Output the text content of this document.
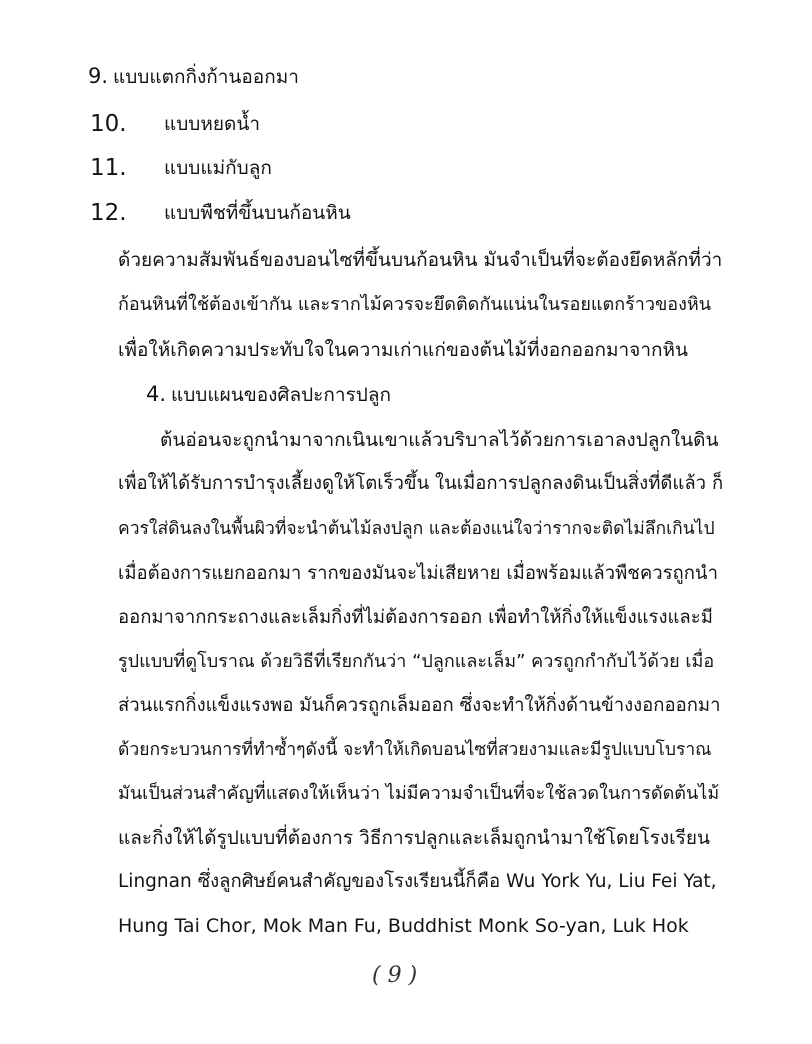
9. แบบแตกกิ่งก้านออกมา
10. แบบหยดน้ำ
11. แบบแม่กับลูก
12. แบบพืชที่ขึ้นบนก้อนหิน
ด้วยความสัมพันธ์ของบอนไซที่ขึ้นบนก้อนหิน มันจำเป็นที่จะต้องยึดหลักที่ว่า
ก้อนหินที่ใช้ต้องเข้ากัน และรากไม้ควรจะยึดติดกันแน่นในรอยแตกร้าวของหิน
เพื่อให้เกิดความประทับใจในความเก่าแก่ของต้นไม้ที่งอกออกมาจากหิน
4. แบบแผนของศิลปะการปลูก
ต้นอ่อนจะถูกนำมาจากเนินเขาแล้วบริบาลไว้ด้วยการเอาลงปลูกในดิน
เพื่อให้ได้รับการบำรุงเลี้ยงดูให้โตเร็วขึ้น ในเมื่อการปลูกลงดินเป็นสิ่งที่ดีแล้ว ก็
ควรใส่ดินลงในพื้นผิวที่จะนำต้นไม้ลงปลูก และต้องแน่ใจว่ารากจะติดไม่ลึกเกินไป
เมื่อต้องการแยกออกมา รากของมันจะไม่เสียหาย เมื่อพร้อมแล้วพืชควรถูกนำ
ออกมาจากกระถางและเล็มกิ่งที่ไม่ต้องการออก เพื่อทำให้กิ่งให้แข็งแรงและมี
รูปแบบที่ดูโบราณ ด้วยวิธีที่เรียกกันว่า “ปลูกและเล็ม” ควรถูกกำกับไว้ด้วย เมื่อ
ส่วนแรกกิ่งแข็งแรงพอ มันก็ควรถูกเล็มออก ซึ่งจะทำให้กิ่งด้านข้างงอกออกมา
ด้วยกระบวนการที่ทำซ้ำๆดังนี้ จะทำให้เกิดบอนไซที่สวยงามและมีรูปแบบโบราณ
มันเป็นส่วนสำคัญที่แสดงให้เห็นว่า ไม่มีความจำเป็นที่จะใช้ลวดในการดัดต้นไม้
และกิ่งให้ได้รูปแบบที่ต้องการ วิธีการปลูกและเล็มถูกนำมาใช้โดยโรงเรียน
Lingnan ซึ่งลูกศิษย์คนสำคัญของโรงเรียนนี้ก็คือ Wu York Yu, Liu Fei Yat,
Hung Tai Chor, Mok Man Fu, Buddhist Monk So-yan, Luk Hok
( 9 )
